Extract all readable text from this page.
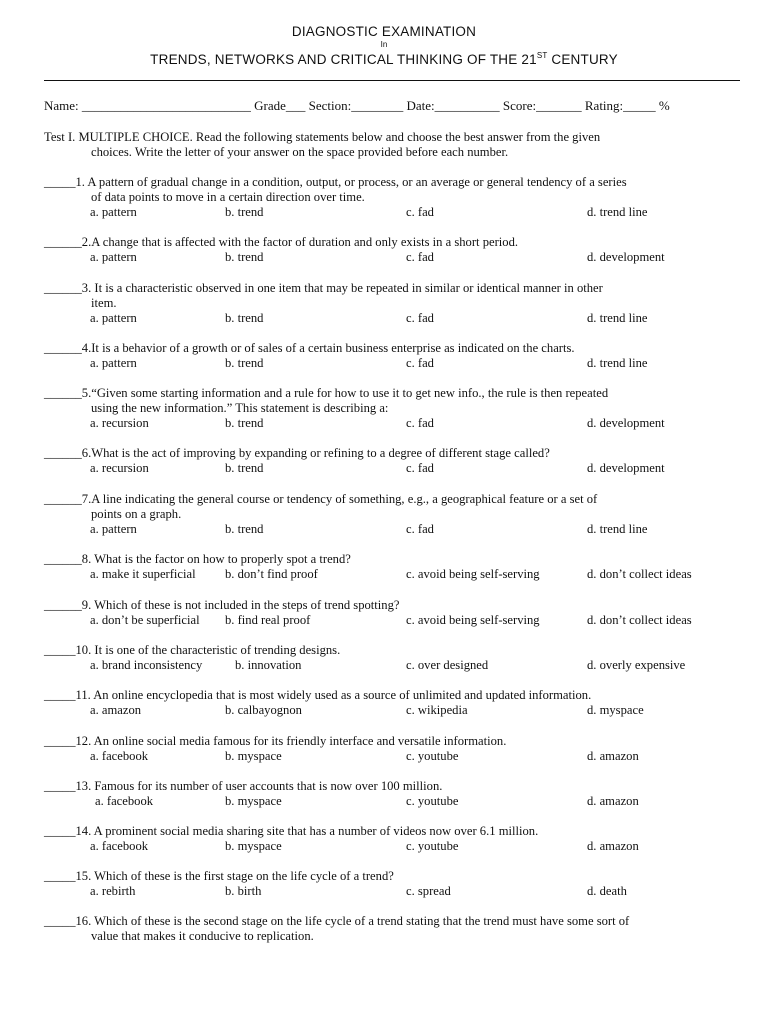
DIAGNOSTIC EXAMINATION
In
TRENDS, NETWORKS AND CRITICAL THINKING OF THE 21ST CENTURY
Name: __________________________ Grade___ Section:________ Date:__________ Score:_______ Rating:_____ %
Test I. MULTIPLE CHOICE. Read the following statements below and choose the best answer from the given
choices. Write the letter of your answer on the space provided before each number.
_____1. A pattern of gradual change in a condition, output, or process, or an average or general tendency of a series
of data points to move in a certain direction over time.
a. pattern	b. trend	c. fad	d. trend line
______2.A change that is affected with the factor of duration and only exists in a short period.
a. pattern	b. trend	c. fad	d. development
______3. It is a characteristic observed in one item that may be repeated in similar or identical manner in other
item.
a. pattern	b. trend	c. fad	d. trend line
______4.It is a behavior of a growth or of sales of a certain business enterprise as indicated on the charts.
a. pattern	b. trend	c. fad	d. trend line
______5.“Given some starting information and a rule for how to use it to get new info., the rule is then repeated
using the new information.” This statement is describing a:
a. recursion	b. trend	c. fad	d. development
______6.What is the act of improving by expanding or refining to a degree of different stage called?
a. recursion	b. trend	c. fad	d. development
______7.A line indicating the general course or tendency of something, e.g., a geographical feature or a set of
points on a graph.
a. pattern	b. trend	c. fad	d. trend line
______8. What is the factor on how to properly spot a trend?
a. make it superficial b. don’t find proof	c. avoid being self-serving	d. don’t collect ideas
______9. Which of these is not included in the steps of trend spotting?
a. don’t be superficial b. find real proof	c. avoid being self-serving	d. don’t collect ideas
_____10. It is one of the characteristic of trending designs.
a. brand inconsistency	b. innovation	c. over designed	d. overly expensive
_____11. An online encyclopedia that is most widely used as a source of unlimited and updated information.
a. amazon	b. calbayognon	c. wikipedia	d. myspace
_____12. An online social media famous for its friendly interface and versatile information.
a. facebook	b. myspace	c. youtube	d. amazon
_____13. Famous for its number of user accounts that is now over 100 million.
a. facebook	b. myspace	c. youtube	d. amazon
_____14. A prominent social media sharing site that has a number of videos now over 6.1 million.
a. facebook	b. myspace	c. youtube	d. amazon
_____15. Which of these is the first stage on the life cycle of a trend?
a. rebirth	b. birth	c. spread	d. death
_____16. Which of these is the second stage on the life cycle of a trend stating that the trend must have some sort of
value that makes it conducive to replication.
